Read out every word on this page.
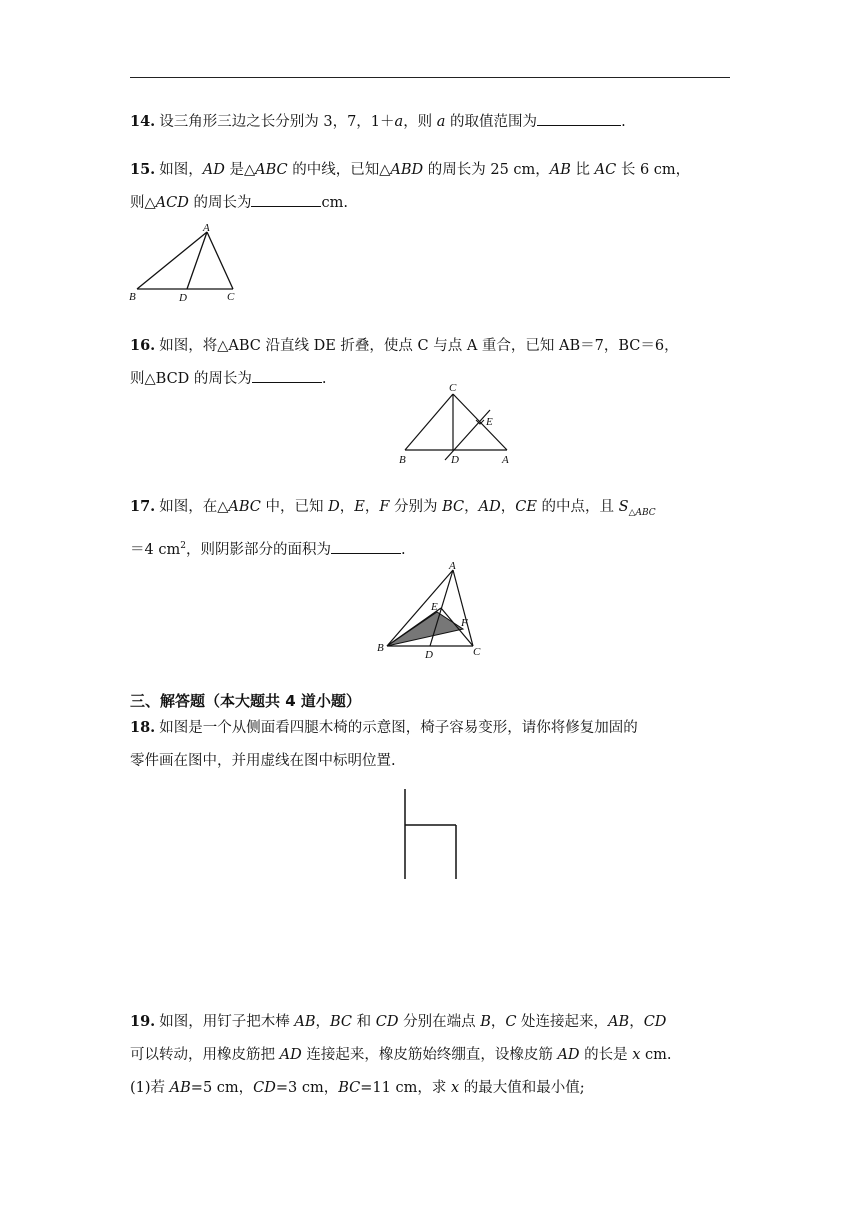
14. 设三角形三边之长分别为 3，7，1＋a，则 a 的取值范围为	.
15. 如图，AD 是△ABC 的中线，已知△ABD 的周长为 25 cm，AB 比 AC 长 6 cm，
则△ACD 的周长为	cm.
A
B	D	C
16. 如图，将△ABC 沿直线 DE 折叠，使点 C 与点 A 重合，已知 AB＝7，BC＝6，
则△BCD 的周长为	.
C
E
B	D	A
17. 如图，在△ABC 中，已知 D，E，F 分别为 BC，AD，CE 的中点，且 $S_{\triangle ABC}$
＝4 $cm^2$，则阴影部分的面积为	.
A
E
F
B
D	C
三、解答题（本大题共 4 道小题）
18. 如图是一个从侧面看四腿木椅的示意图，椅子容易变形，请你将修复加固的
零件画在图中，并用虚线在图中标明位置.
19. 如图，用钉子把木棒 AB，BC 和 CD 分别在端点 B，C 处连接起来，AB，CD
可以转动，用橡皮筋把 AD 连接起来，橡皮筋始终绷直，设橡皮筋 AD 的长是 x cm.
(1)若 AB=5 cm，CD=3 cm，BC=11 cm，求 x 的最大值和最小值;
